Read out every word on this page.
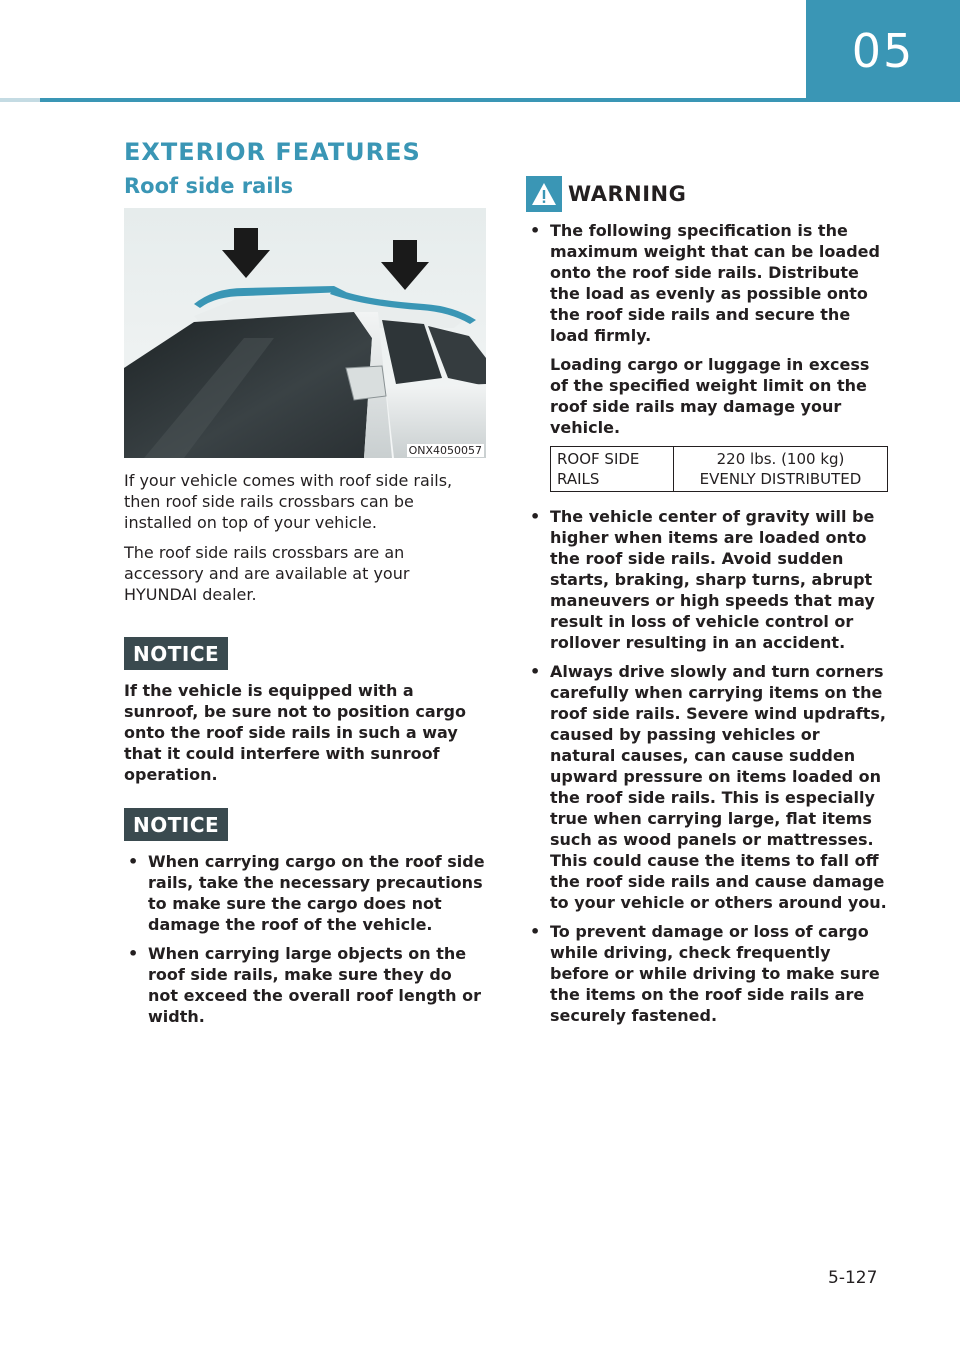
05
EXTERIOR FEATURES
Roof side rails
ONX4050057

If your vehicle comes with roof side rails, then roof side rails crossbars can be installed on top of your vehicle.

The roof side rails crossbars are an accessory and are available at your HYUNDAI dealer.

NOTICE

If the vehicle is equipped with a sunroof, be sure not to position cargo onto the roof side rails in such a way that it could interfere with sunroof operation.

NOTICE
• When carrying cargo on the roof side rails, take the necessary precautions to make sure the cargo does not damage the roof of the vehicle.
• When carrying large objects on the roof side rails, make sure they do not exceed the overall roof length or width.
WARNING
• The following specification is the maximum weight that can be loaded onto the roof side rails. Distribute the load as evenly as possible onto the roof side rails and secure the load firmly.
Loading cargo or luggage in excess of the specified weight limit on the roof side rails may damage your vehicle.
ROOF SIDE
RAILS

220 lbs. (100 kg)
EVENLY DISTRIBUTED
• The vehicle center of gravity will be higher when items are loaded onto the roof side rails. Avoid sudden starts, braking, sharp turns, abrupt maneuvers or high speeds that may result in loss of vehicle control or rollover resulting in an accident.
• Always drive slowly and turn corners carefully when carrying items on the roof side rails. Severe wind updrafts, caused by passing vehicles or natural causes, can cause sudden upward pressure on items loaded on the roof side rails. This is especially true when carrying large, flat items such as wood panels or mattresses. This could cause the items to fall off the roof side rails and cause damage to your vehicle or others around you.
• To prevent damage or loss of cargo while driving, check frequently before or while driving to make sure the items on the roof side rails are securely fastened.
5-127
